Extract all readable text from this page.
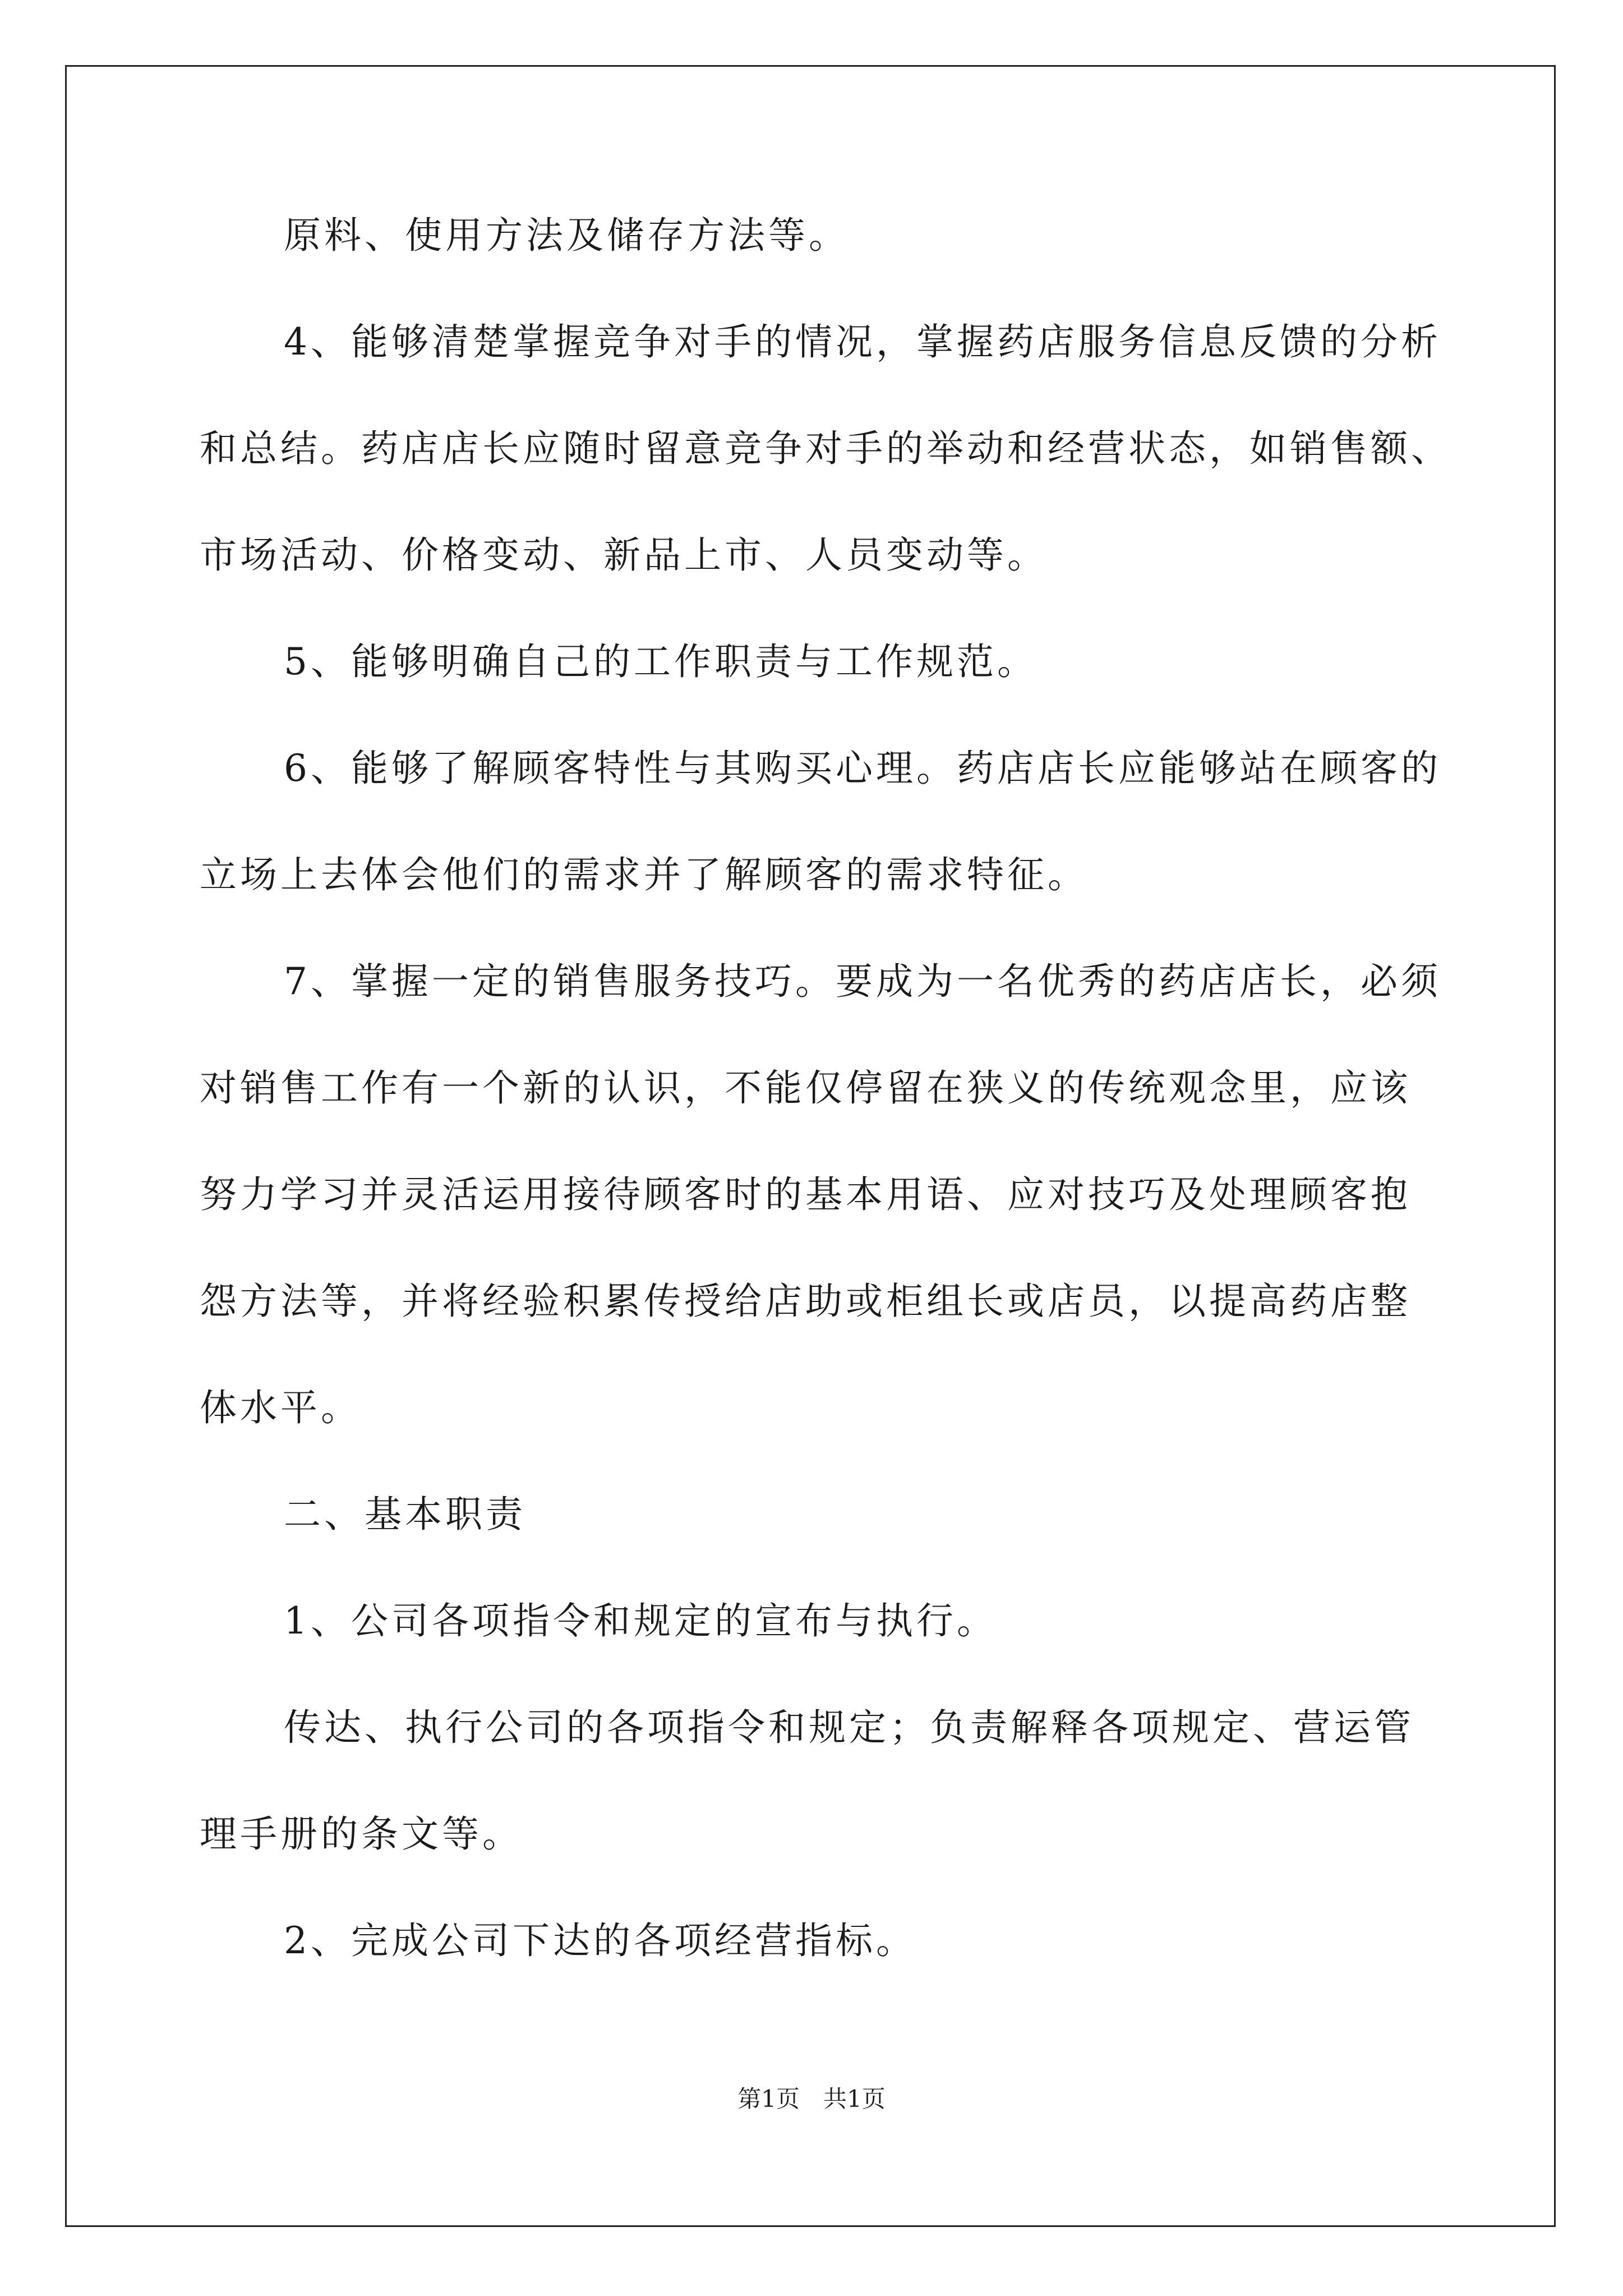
原料、使用方法及储存方法等。
4、能够清楚掌握竞争对手的情况，掌握药店服务信息反馈的分析
和总结。药店店长应随时留意竞争对手的举动和经营状态，如销售额、
市场活动、价格变动、新品上市、人员变动等。
5、能够明确自己的工作职责与工作规范。
6、能够了解顾客特性与其购买心理。药店店长应能够站在顾客的
立场上去体会他们的需求并了解顾客的需求特征。
7、掌握一定的销售服务技巧。要成为一名优秀的药店店长，必须
对销售工作有一个新的认识，不能仅停留在狭义的传统观念里，应该
努力学习并灵活运用接待顾客时的基本用语、应对技巧及处理顾客抱
怨方法等，并将经验积累传授给店助或柜组长或店员，以提高药店整
体水平。
二、基本职责
1、公司各项指令和规定的宣布与执行。
传达、执行公司的各项指令和规定；负责解释各项规定、营运管
理手册的条文等。
2、完成公司下达的各项经营指标。
第1页　共1页
